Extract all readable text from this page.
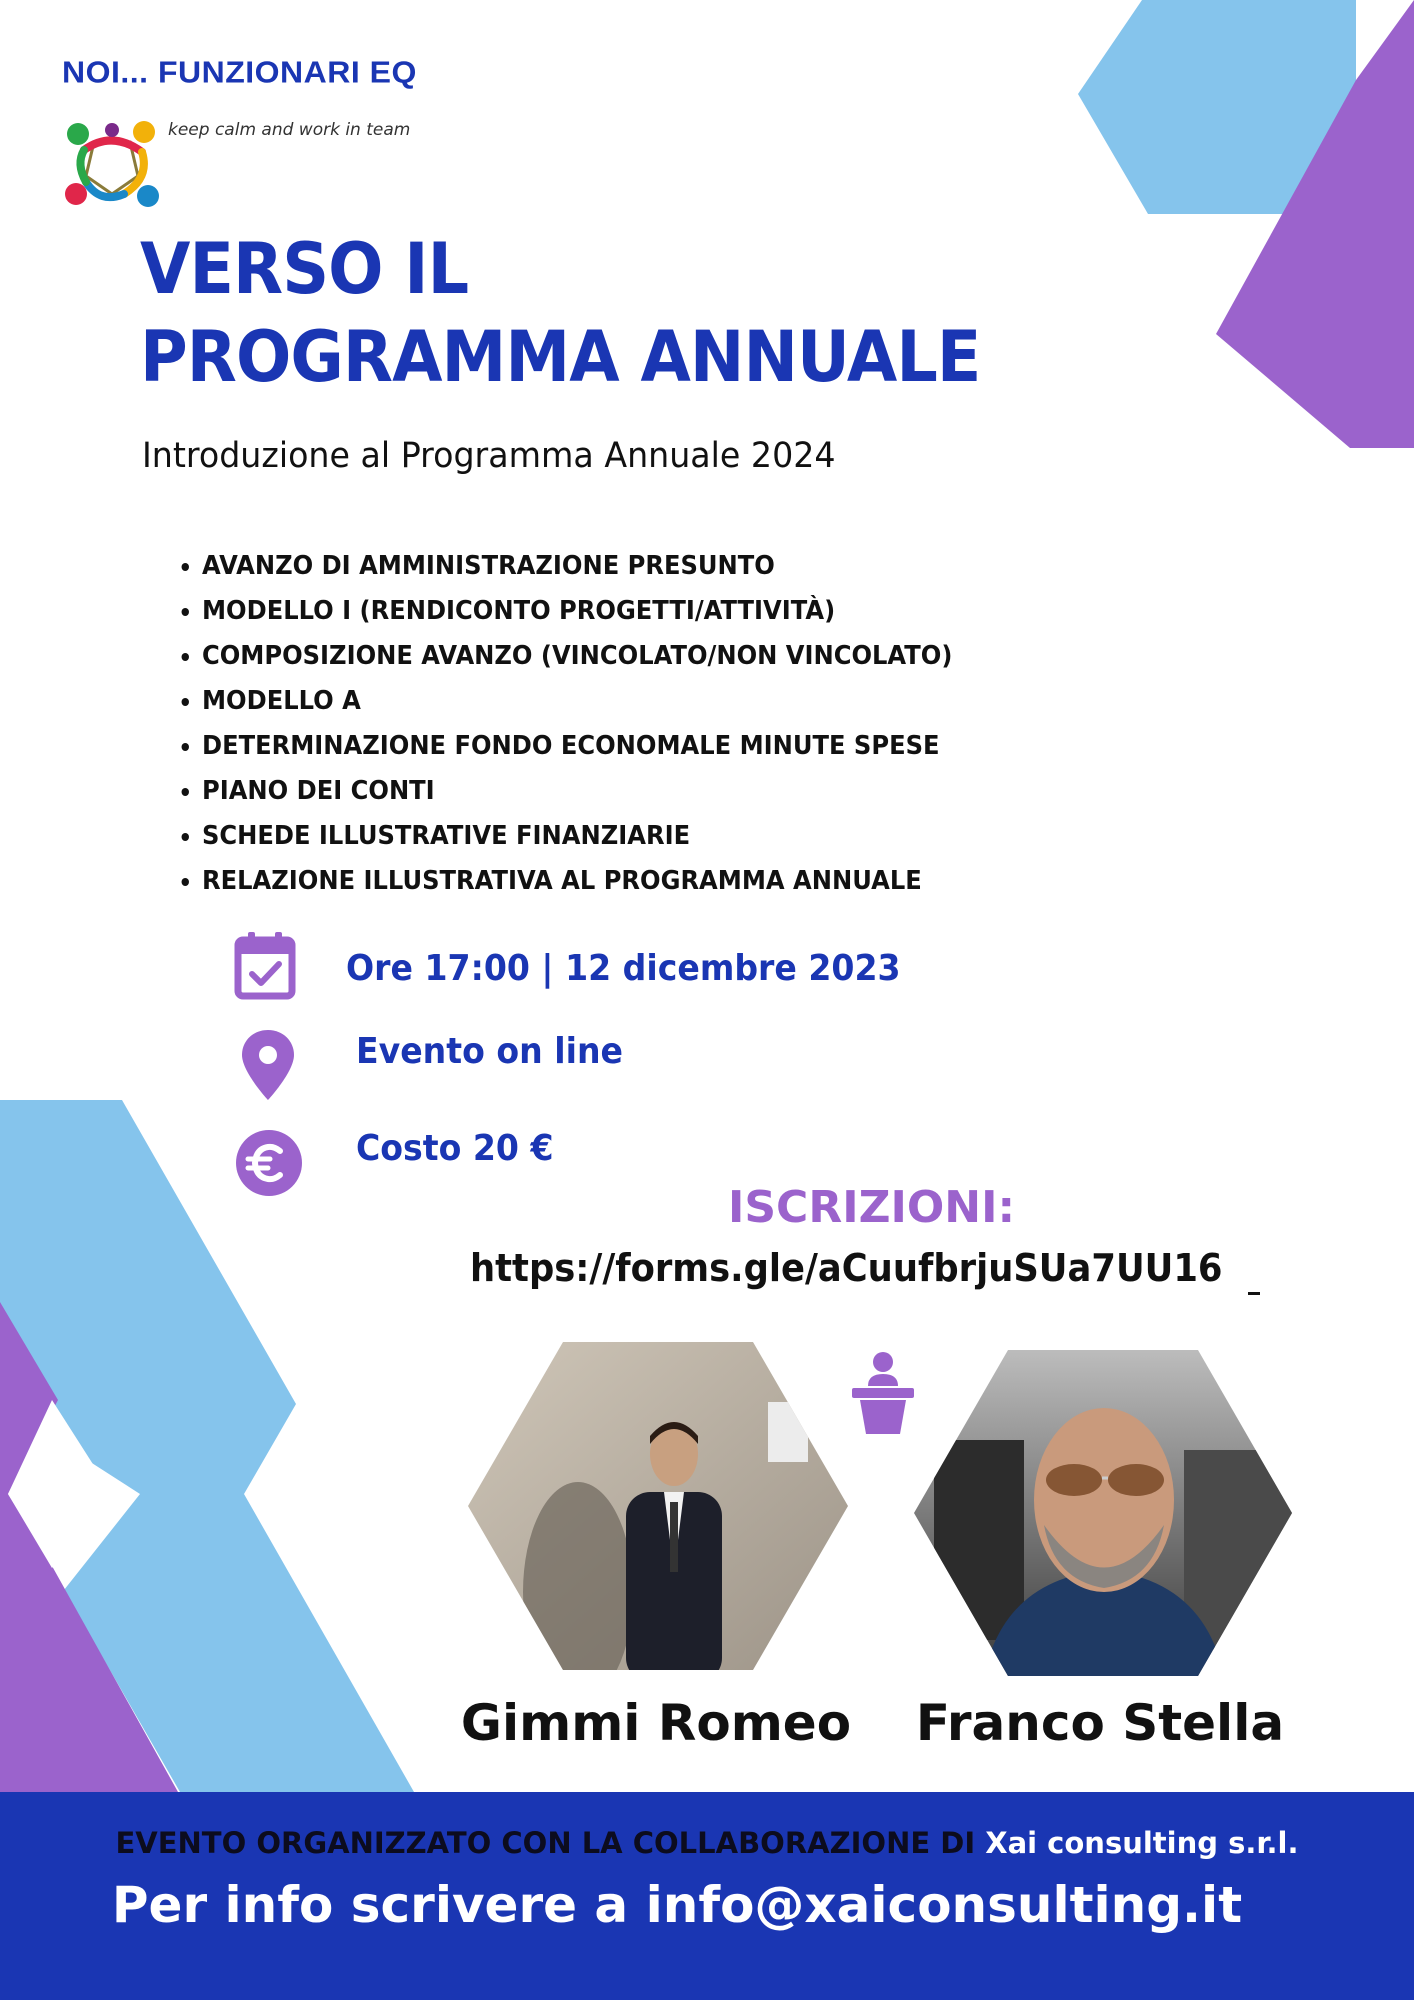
NOI... FUNZIONARI EQ
keep calm and work in team
VERSO IL
PROGRAMMA ANNUALE
Introduzione al Programma Annuale 2024
• AVANZO DI AMMINISTRAZIONE PRESUNTO
• MODELLO I (RENDICONTO PROGETTI/ATTIVITÀ)
• COMPOSIZIONE AVANZO (VINCOLATO/NON VINCOLATO)
• MODELLO A
• DETERMINAZIONE FONDO ECONOMALE MINUTE SPESE
• PIANO DEI CONTI
• SCHEDE ILLUSTRATIVE FINANZIARIE
• RELAZIONE ILLUSTRATIVA AL PROGRAMMA ANNUALE
Ore 17:00 | 12 dicembre 2023
Evento on line
Costo 20 €
ISCRIZIONI:
https://forms.gle/aCuufbrjuSUa7UU16
Gimmi Romeo	Franco Stella
EVENTO ORGANIZZATO CON LA COLLABORAZIONE DI Xai consulting s.r.l.
Per info scrivere a info@xaiconsulting.it
